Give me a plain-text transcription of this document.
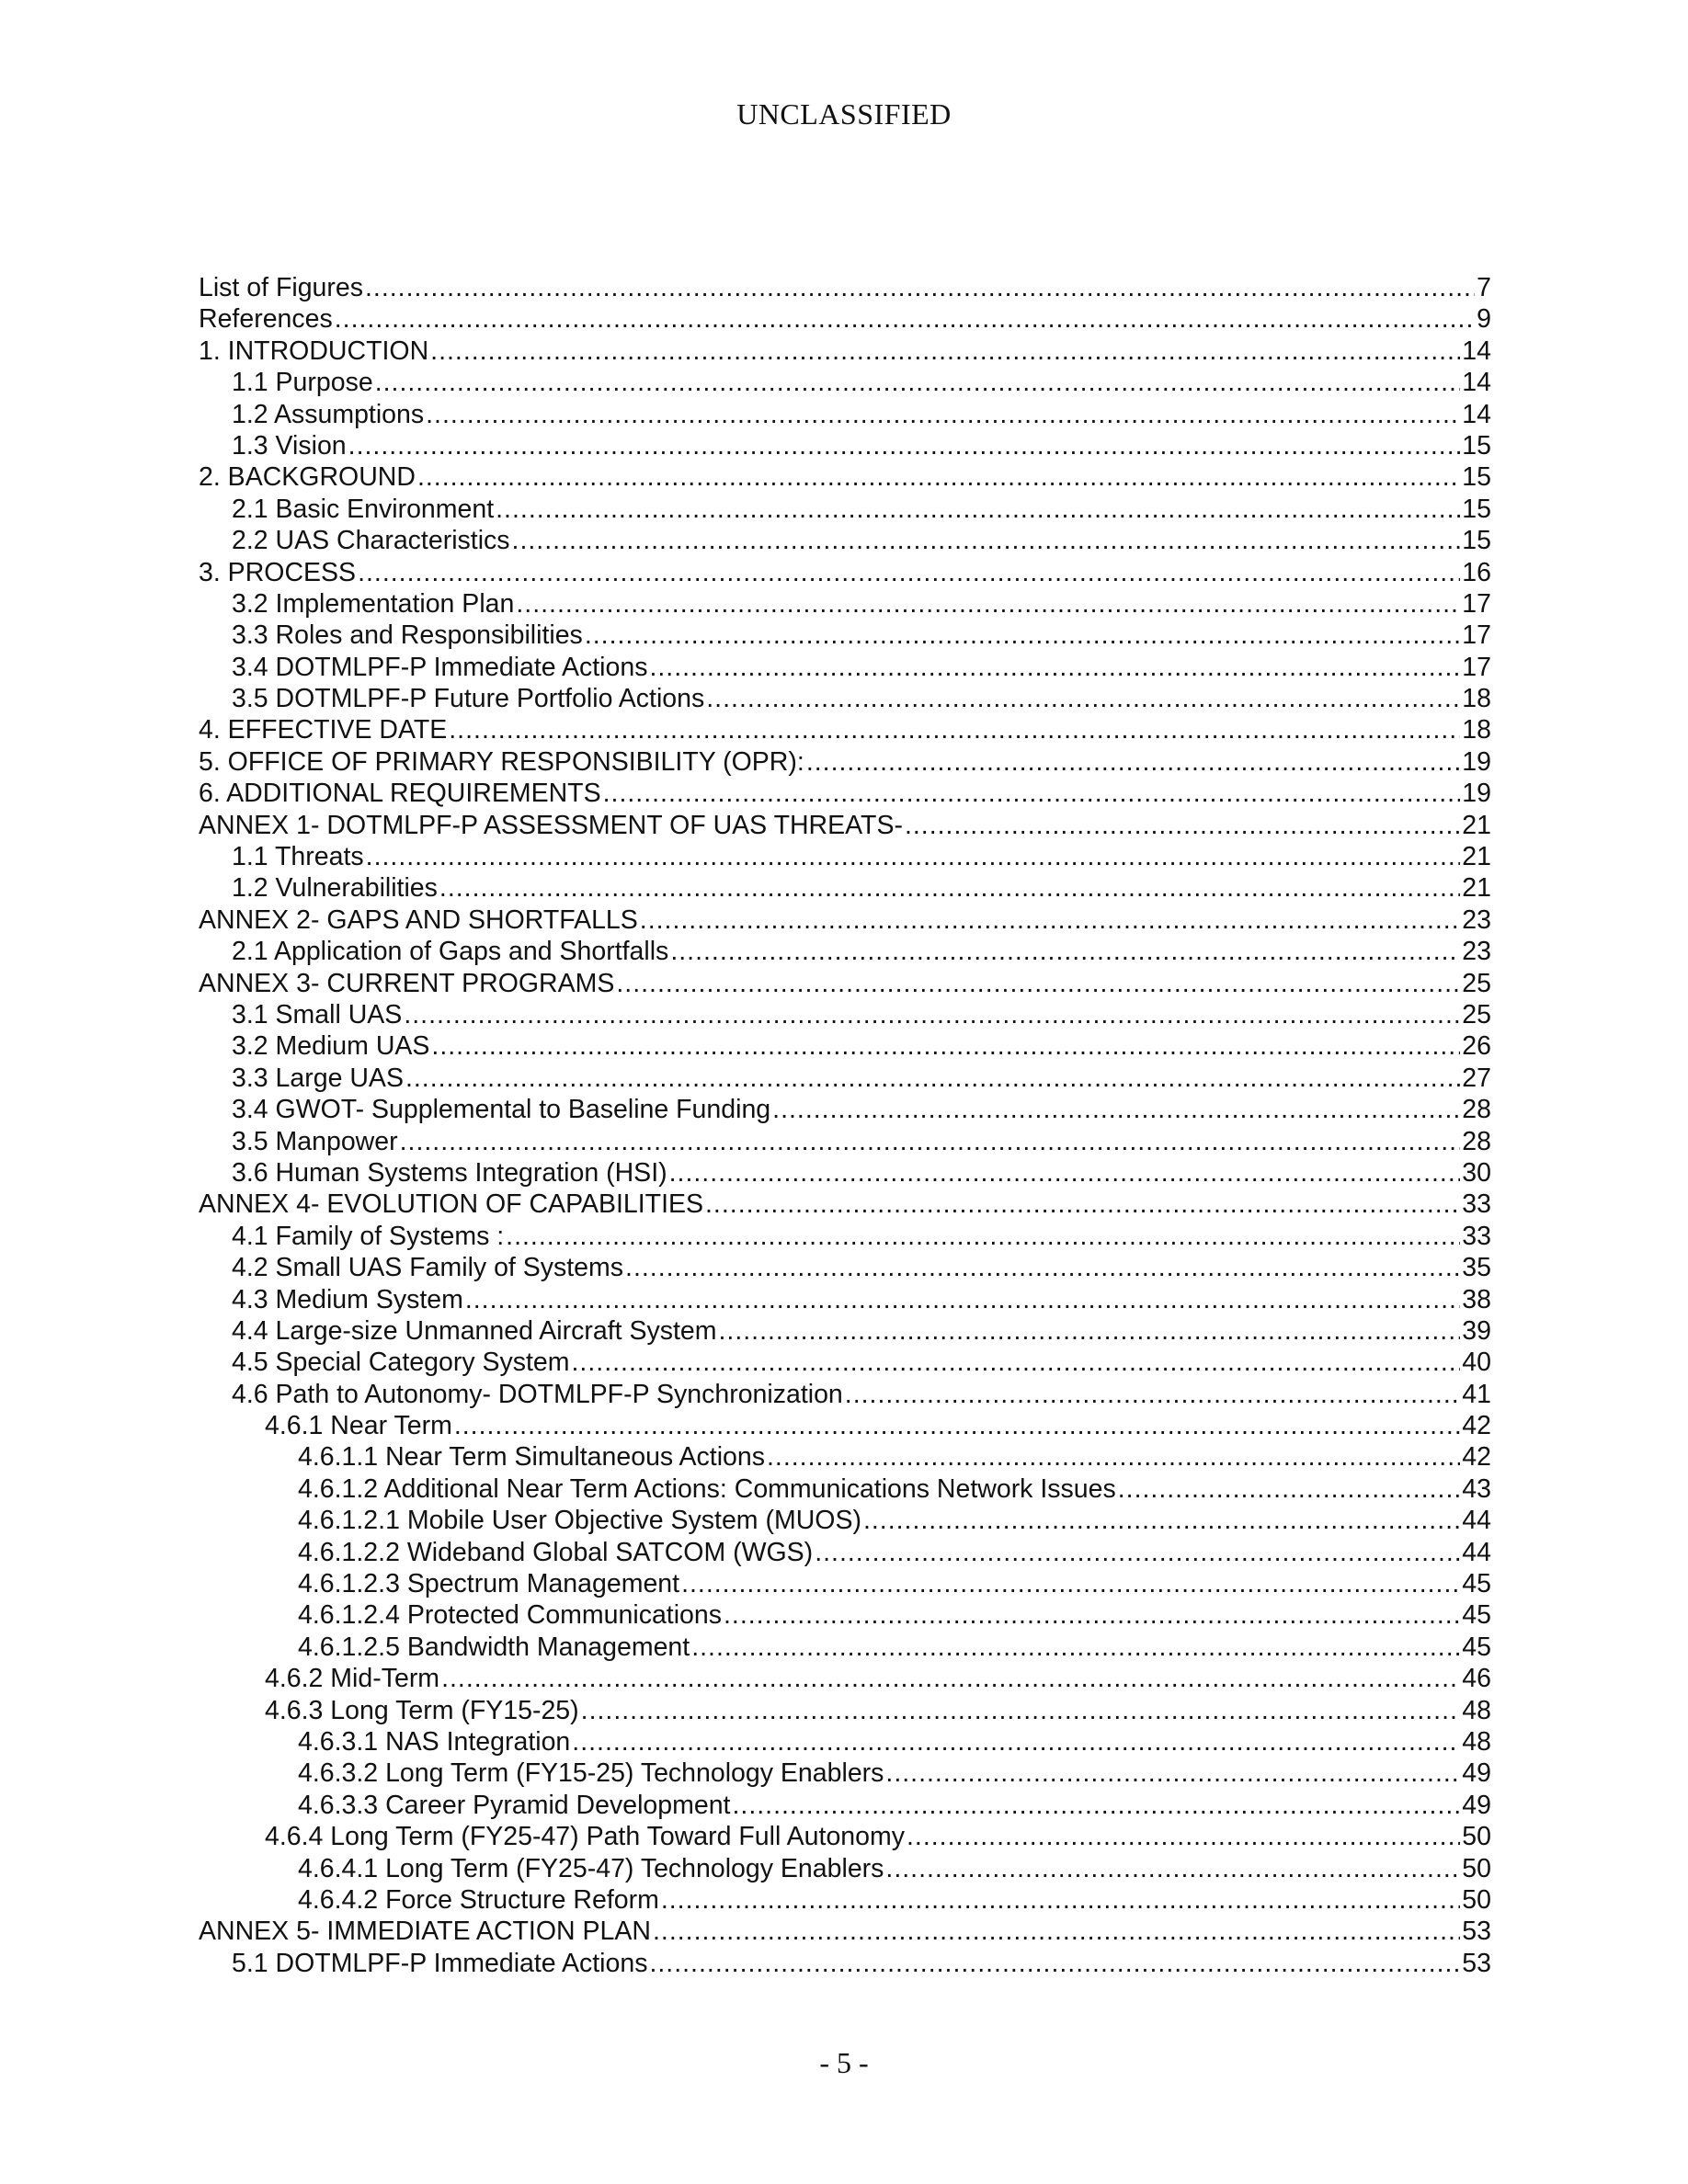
UNCLASSIFIED
List of Figures .....	7
References .....	9
1. INTRODUCTION .....	14
1.1 Purpose .....	14
1.2 Assumptions .....	14
1.3 Vision .....	15
2. BACKGROUND .....	15
2.1 Basic Environment .....	15
2.2 UAS Characteristics .....	15
3. PROCESS .....	16
3.2 Implementation Plan .....	17
3.3 Roles and Responsibilities .....	17
3.4 DOTMLPF-P Immediate Actions .....	17
3.5 DOTMLPF-P Future Portfolio Actions .....	18
4. EFFECTIVE DATE .....	18
5. OFFICE OF PRIMARY RESPONSIBILITY (OPR): .....	19
6. ADDITIONAL REQUIREMENTS .....	19
ANNEX 1- DOTMLPF-P ASSESSMENT OF UAS THREATS- .....	21
1.1 Threats .....	21
1.2 Vulnerabilities .....	21
ANNEX 2- GAPS AND SHORTFALLS .....	23
2.1 Application of Gaps and Shortfalls .....	23
ANNEX 3- CURRENT PROGRAMS .....	25
3.1 Small UAS .....	25
3.2 Medium UAS .....	26
3.3 Large UAS .....	27
3.4 GWOT- Supplemental to Baseline Funding .....	28
3.5 Manpower .....	28
3.6 Human Systems Integration (HSI) .....	30
ANNEX 4- EVOLUTION OF CAPABILITIES .....	33
4.1 Family of Systems : .....	33
4.2 Small UAS Family of Systems .....	35
4.3 Medium System .....	38
4.4 Large-size Unmanned Aircraft System .....	39
4.5 Special Category System .....	40
4.6 Path to Autonomy- DOTMLPF-P Synchronization .....	41
4.6.1 Near Term .....	42
4.6.1.1 Near Term Simultaneous Actions .....	42
4.6.1.2 Additional Near Term Actions: Communications Network Issues .....	43
4.6.1.2.1 Mobile User Objective System (MUOS) .....	44
4.6.1.2.2 Wideband Global SATCOM (WGS) .....	44
4.6.1.2.3 Spectrum Management .....	45
4.6.1.2.4 Protected Communications .....	45
4.6.1.2.5 Bandwidth Management .....	45
4.6.2 Mid-Term .....	46
4.6.3 Long Term (FY15-25) .....	48
4.6.3.1 NAS Integration .....	48
4.6.3.2 Long Term (FY15-25) Technology Enablers .....	49
4.6.3.3 Career Pyramid Development .....	49
4.6.4 Long Term (FY25-47) Path Toward Full Autonomy .....	50
4.6.4.1 Long Term (FY25-47) Technology Enablers .....	50
4.6.4.2 Force Structure Reform .....	50
ANNEX 5- IMMEDIATE ACTION PLAN .....	53
5.1 DOTMLPF-P Immediate Actions .....	53
- 5 -
